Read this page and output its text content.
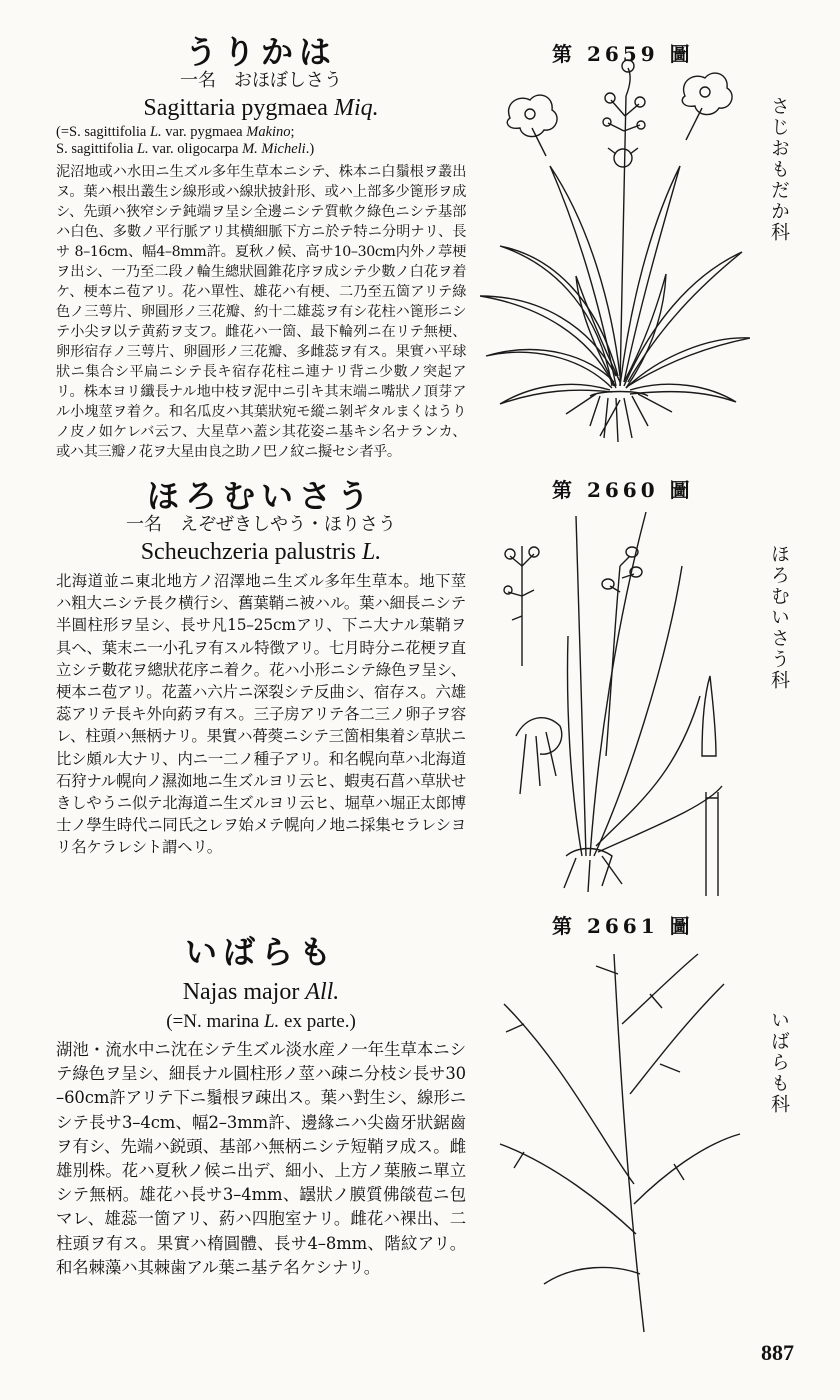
うりかは

一名　おほぼしさう

Sagittaria pygmaea Miq.

(=S. sagittifolia L. var. pygmaea Makino;
S. sagittifolia L. var. oligocarpa M. Micheli.)

泥沼地或ハ水田ニ生ズル多年生草本ニシテ、株本ニ白鬚根ヲ叢出ヌ。葉ハ根出叢生シ線形或ハ線狀披針形、或ハ上部多少篦形ヲ成シ、先頭ハ狹窄シテ鈍端ヲ呈シ全邊ニシテ質軟ク綠色ニシテ基部ハ白色、多數ノ平行脈アリ其横細脈下方ニ於テ特ニ分明ナリ、長サ 8–16cm、幅4–8mm許。夏秋ノ候、高サ10–30cm内外ノ葶梗ヲ出シ、一乃至二段ノ輪生總狀圓錐花序ヲ成シテ少數ノ白花ヲ着ケ、梗本ニ苞アリ。花ハ單性、雄花ハ有梗、二乃至五箇アリテ綠色ノ三萼片、卵圓形ノ三花瓣、約十二雄蕊ヲ有シ花柱ハ篦形ニシテ小尖ヲ以テ黄葯ヲ支フ。雌花ハ一箇、最下輪列ニ在リテ無梗、卵形宿存ノ三萼片、卵圓形ノ三花瓣、多雌蕊ヲ有ス。果實ハ平球狀ニ集合シ平扁ニシテ長キ宿存花柱ニ連ナリ背ニ少數ノ突起アリ。株本ヨリ纖長ナル地中枝ヲ泥中ニ引キ其末端ニ嘴狀ノ頂芽アル小塊莖ヲ着ク。和名瓜皮ハ其葉狀宛モ縱ニ剝ギタルまくはうりノ皮ノ如ケレバ云フ、大星草ハ蓋シ其花姿ニ基キシ名ナランカ、或ハ其三瓣ノ花ヲ大星由良之助ノ巴ノ紋ニ擬セシ者乎。

第 2659 圖
さじおもだか科
ほろむいさう

一名　えぞぜきしやう・ほりさう

Scheuchzeria palustris L.

北海道並ニ東北地方ノ沼澤地ニ生ズル多年生草本。地下莖ハ粗大ニシテ長ク横行シ、舊葉鞘ニ被ハル。葉ハ細長ニシテ半圓柱形ヲ呈シ、長サ凡15–25cmアリ、下ニ大ナル葉鞘ヲ具ヘ、葉末ニ一小孔ヲ有スル特徴アリ。七月時分ニ花梗ヲ直立シテ數花ヲ總狀花序ニ着ク。花ハ小形ニシテ綠色ヲ呈シ、梗本ニ苞アリ。花蓋ハ六片ニ深裂シテ反曲シ、宿存ス。六雄蕊アリテ長キ外向葯ヲ有ス。三子房アリテ各二三ノ卵子ヲ容レ、柱頭ハ無柄ナリ。果實ハ蓇葖ニシテ三箇相集着シ草狀ニ比シ頗ル大ナリ、内ニ一二ノ種子アリ。和名幌向草ハ北海道石狩ナル幌向ノ濕洳地ニ生ズルヨリ云ヒ、蝦夷石菖ハ草狀せきしやうニ似テ北海道ニ生ズルヨリ云ヒ、堀草ハ堀正太郎博士ノ學生時代ニ同氏之レヲ始メテ幌向ノ地ニ採集セラレシヨリ名ケラレシト謂ヘリ。

第 2660 圖
ほろむいさう科
いばらも

Najas major All.

(=N. marina L. ex parte.)

湖池・流水中ニ沈在シテ生ズル淡水産ノ一年生草本ニシテ綠色ヲ呈シ、細長ナル圓柱形ノ莖ハ疎ニ分枝シ長サ30–60cm許アリテ下ニ鬚根ヲ疎出ス。葉ハ對生シ、線形ニシテ長サ3–4cm、幅2–3mm許、邊緣ニハ尖齒牙狀鋸齒ヲ有シ、先端ハ鋭頭、基部ハ無柄ニシテ短鞘ヲ成ス。雌雄別株。花ハ夏秋ノ候ニ出デ、細小、上方ノ葉腋ニ單立シテ無柄。雄花ハ長サ3–4mm、罎狀ノ膜質佛燄苞ニ包マレ、雄蕊一箇アリ、葯ハ四胞室ナリ。雌花ハ裸出、二柱頭ヲ有ス。果實ハ楕圓體、長サ4–8mm、階紋アリ。和名棘藻ハ其棘歯アル葉ニ基テ名ケシナリ。

第 2661 圖
いばらも科
887
